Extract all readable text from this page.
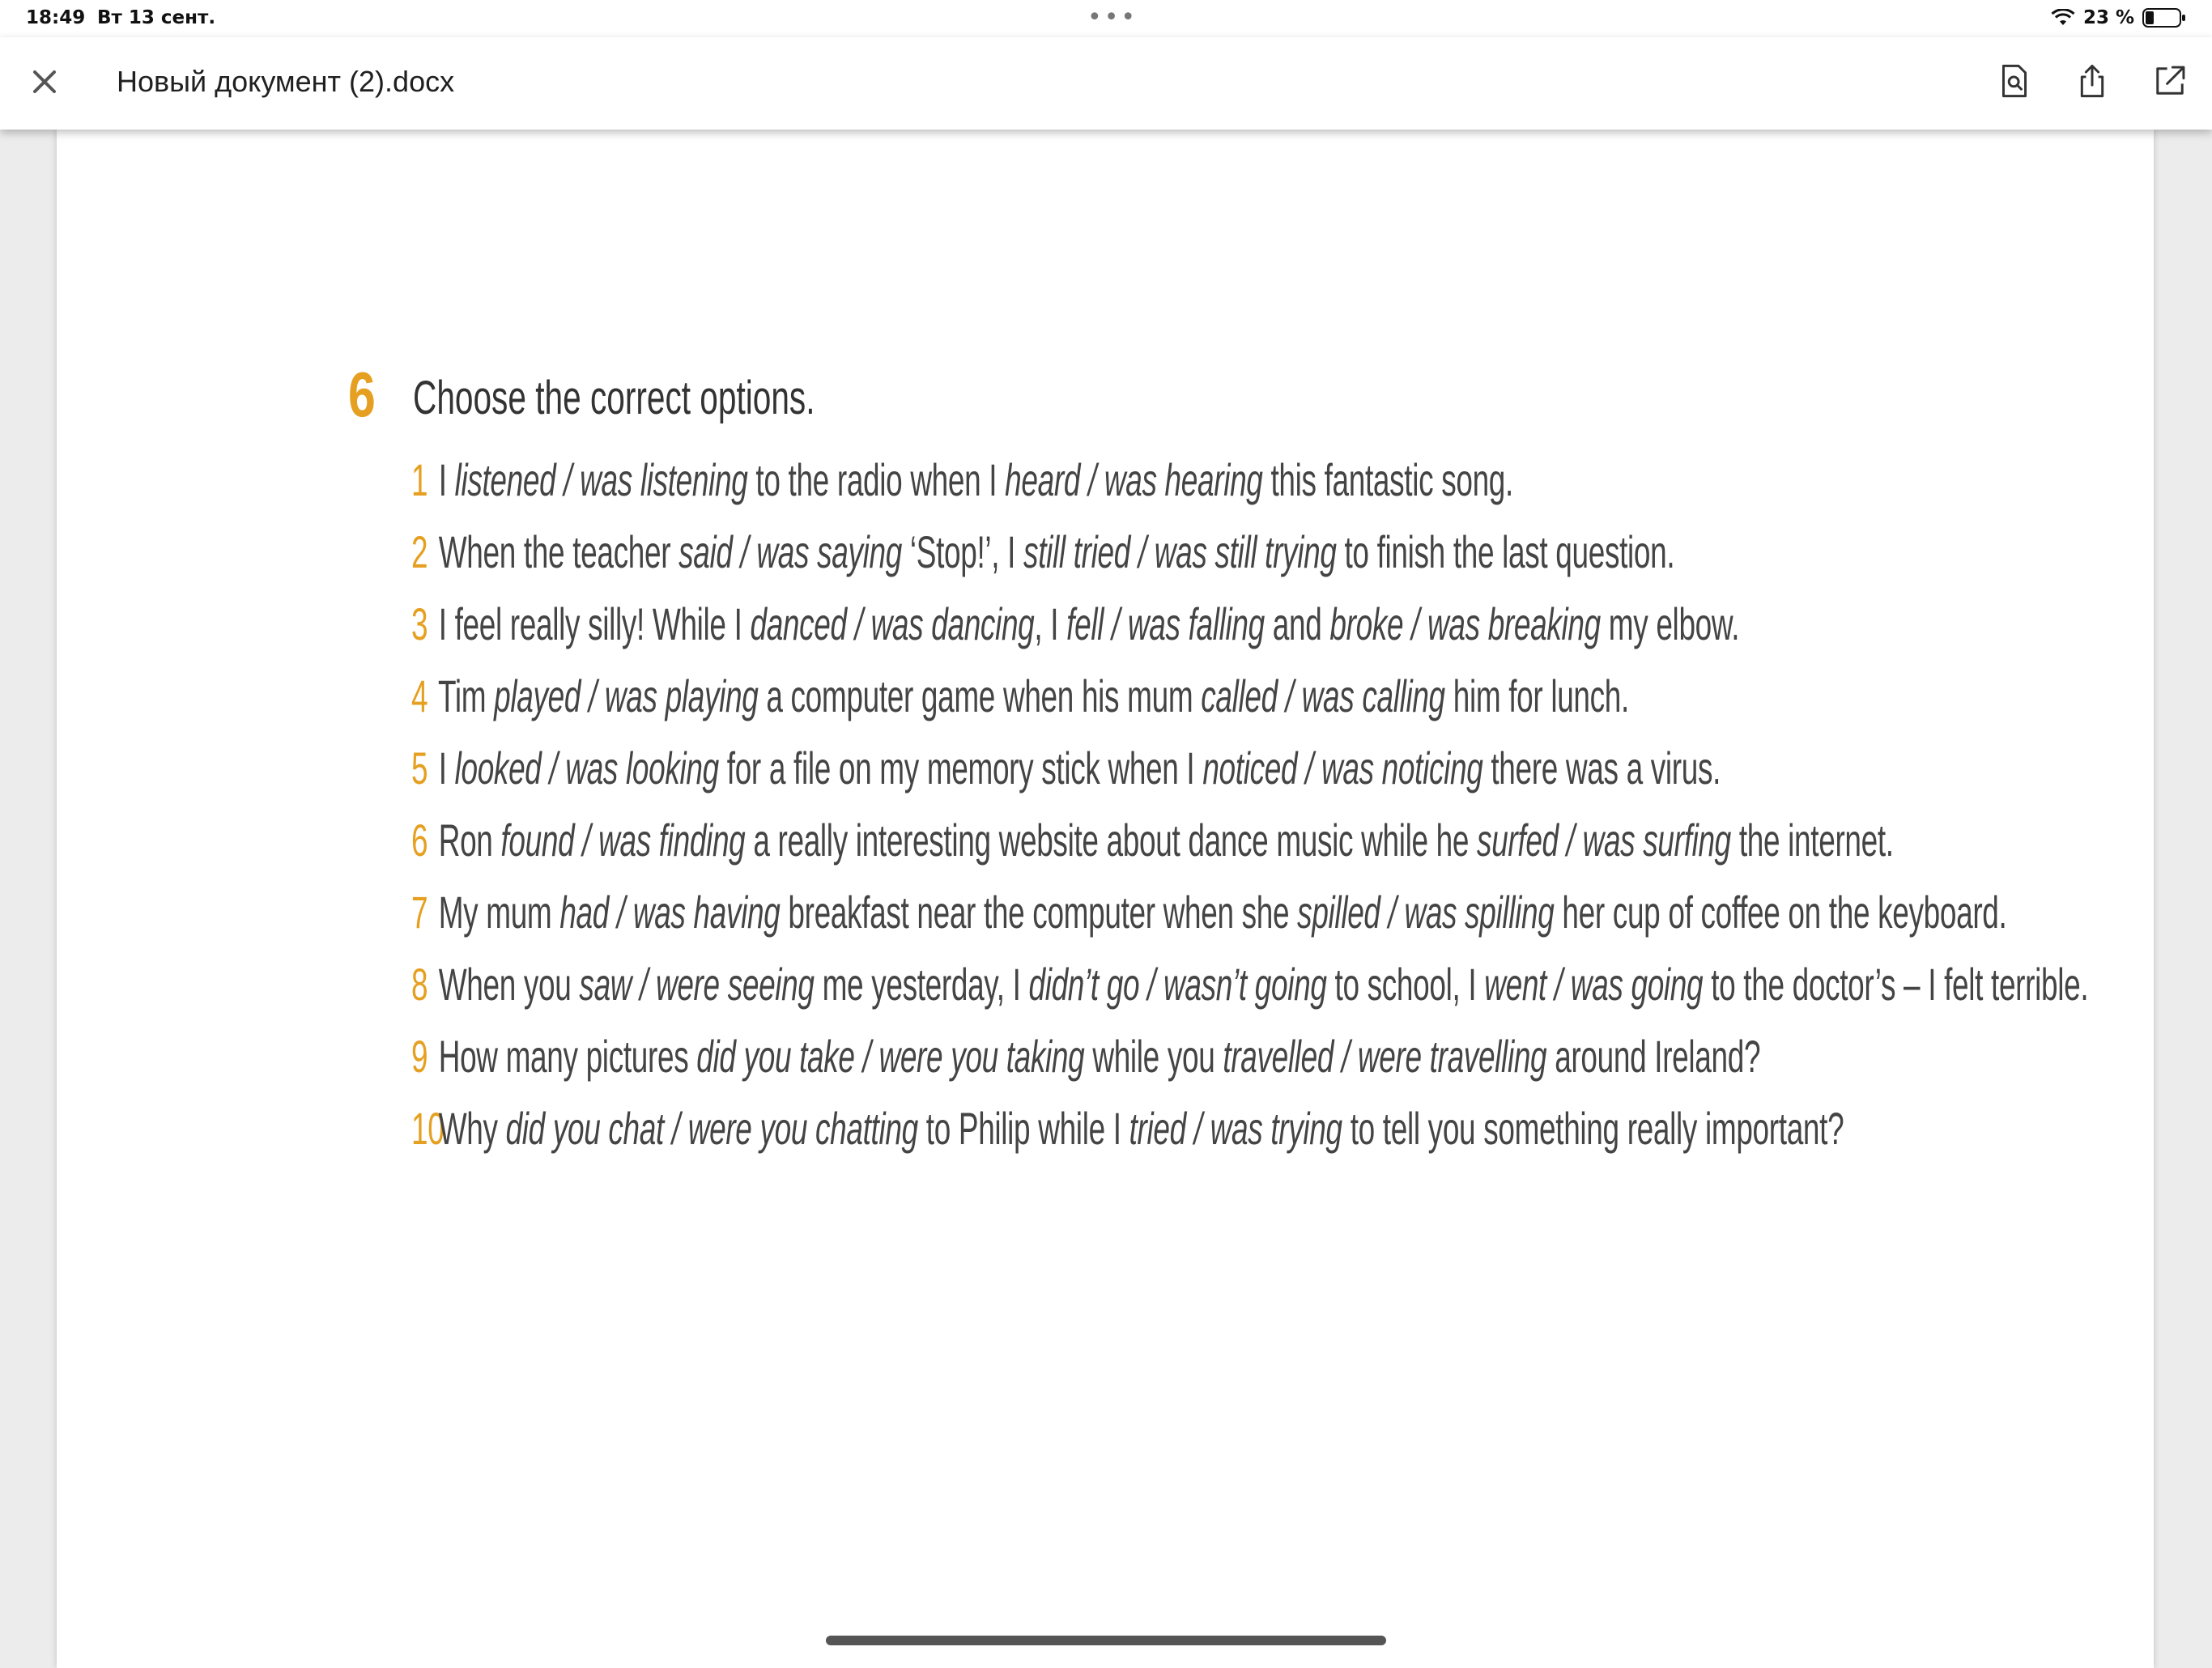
18:49 Вт 13 сент.	•••	23 %
Новый документ (2).docx
6 Choose the correct options.
1 I listened / was listening to the radio when I heard / was hearing this fantastic song.
2 When the teacher said / was saying ‘Stop!’, I still tried / was still trying to finish the last question.
3 I feel really silly! While I danced / was dancing, I fell / was falling and broke / was breaking my elbow.
4 Tim played / was playing a computer game when his mum called / was calling him for lunch.
5 I looked / was looking for a file on my memory stick when I noticed / was noticing there was a virus.
6 Ron found / was finding a really interesting website about dance music while he surfed / was surfing the internet.
7 My mum had / was having breakfast near the computer when she spilled / was spilling her cup of coffee on the keyboard.
8 When you saw / were seeing me yesterday, I didn’t go / wasn’t going to school, I went / was going to the doctor’s – I felt terrible.
9 How many pictures did you take / were you taking while you travelled / were travelling around Ireland?
10 Why did you chat / were you chatting to Philip while I tried / was trying to tell you something really important?
